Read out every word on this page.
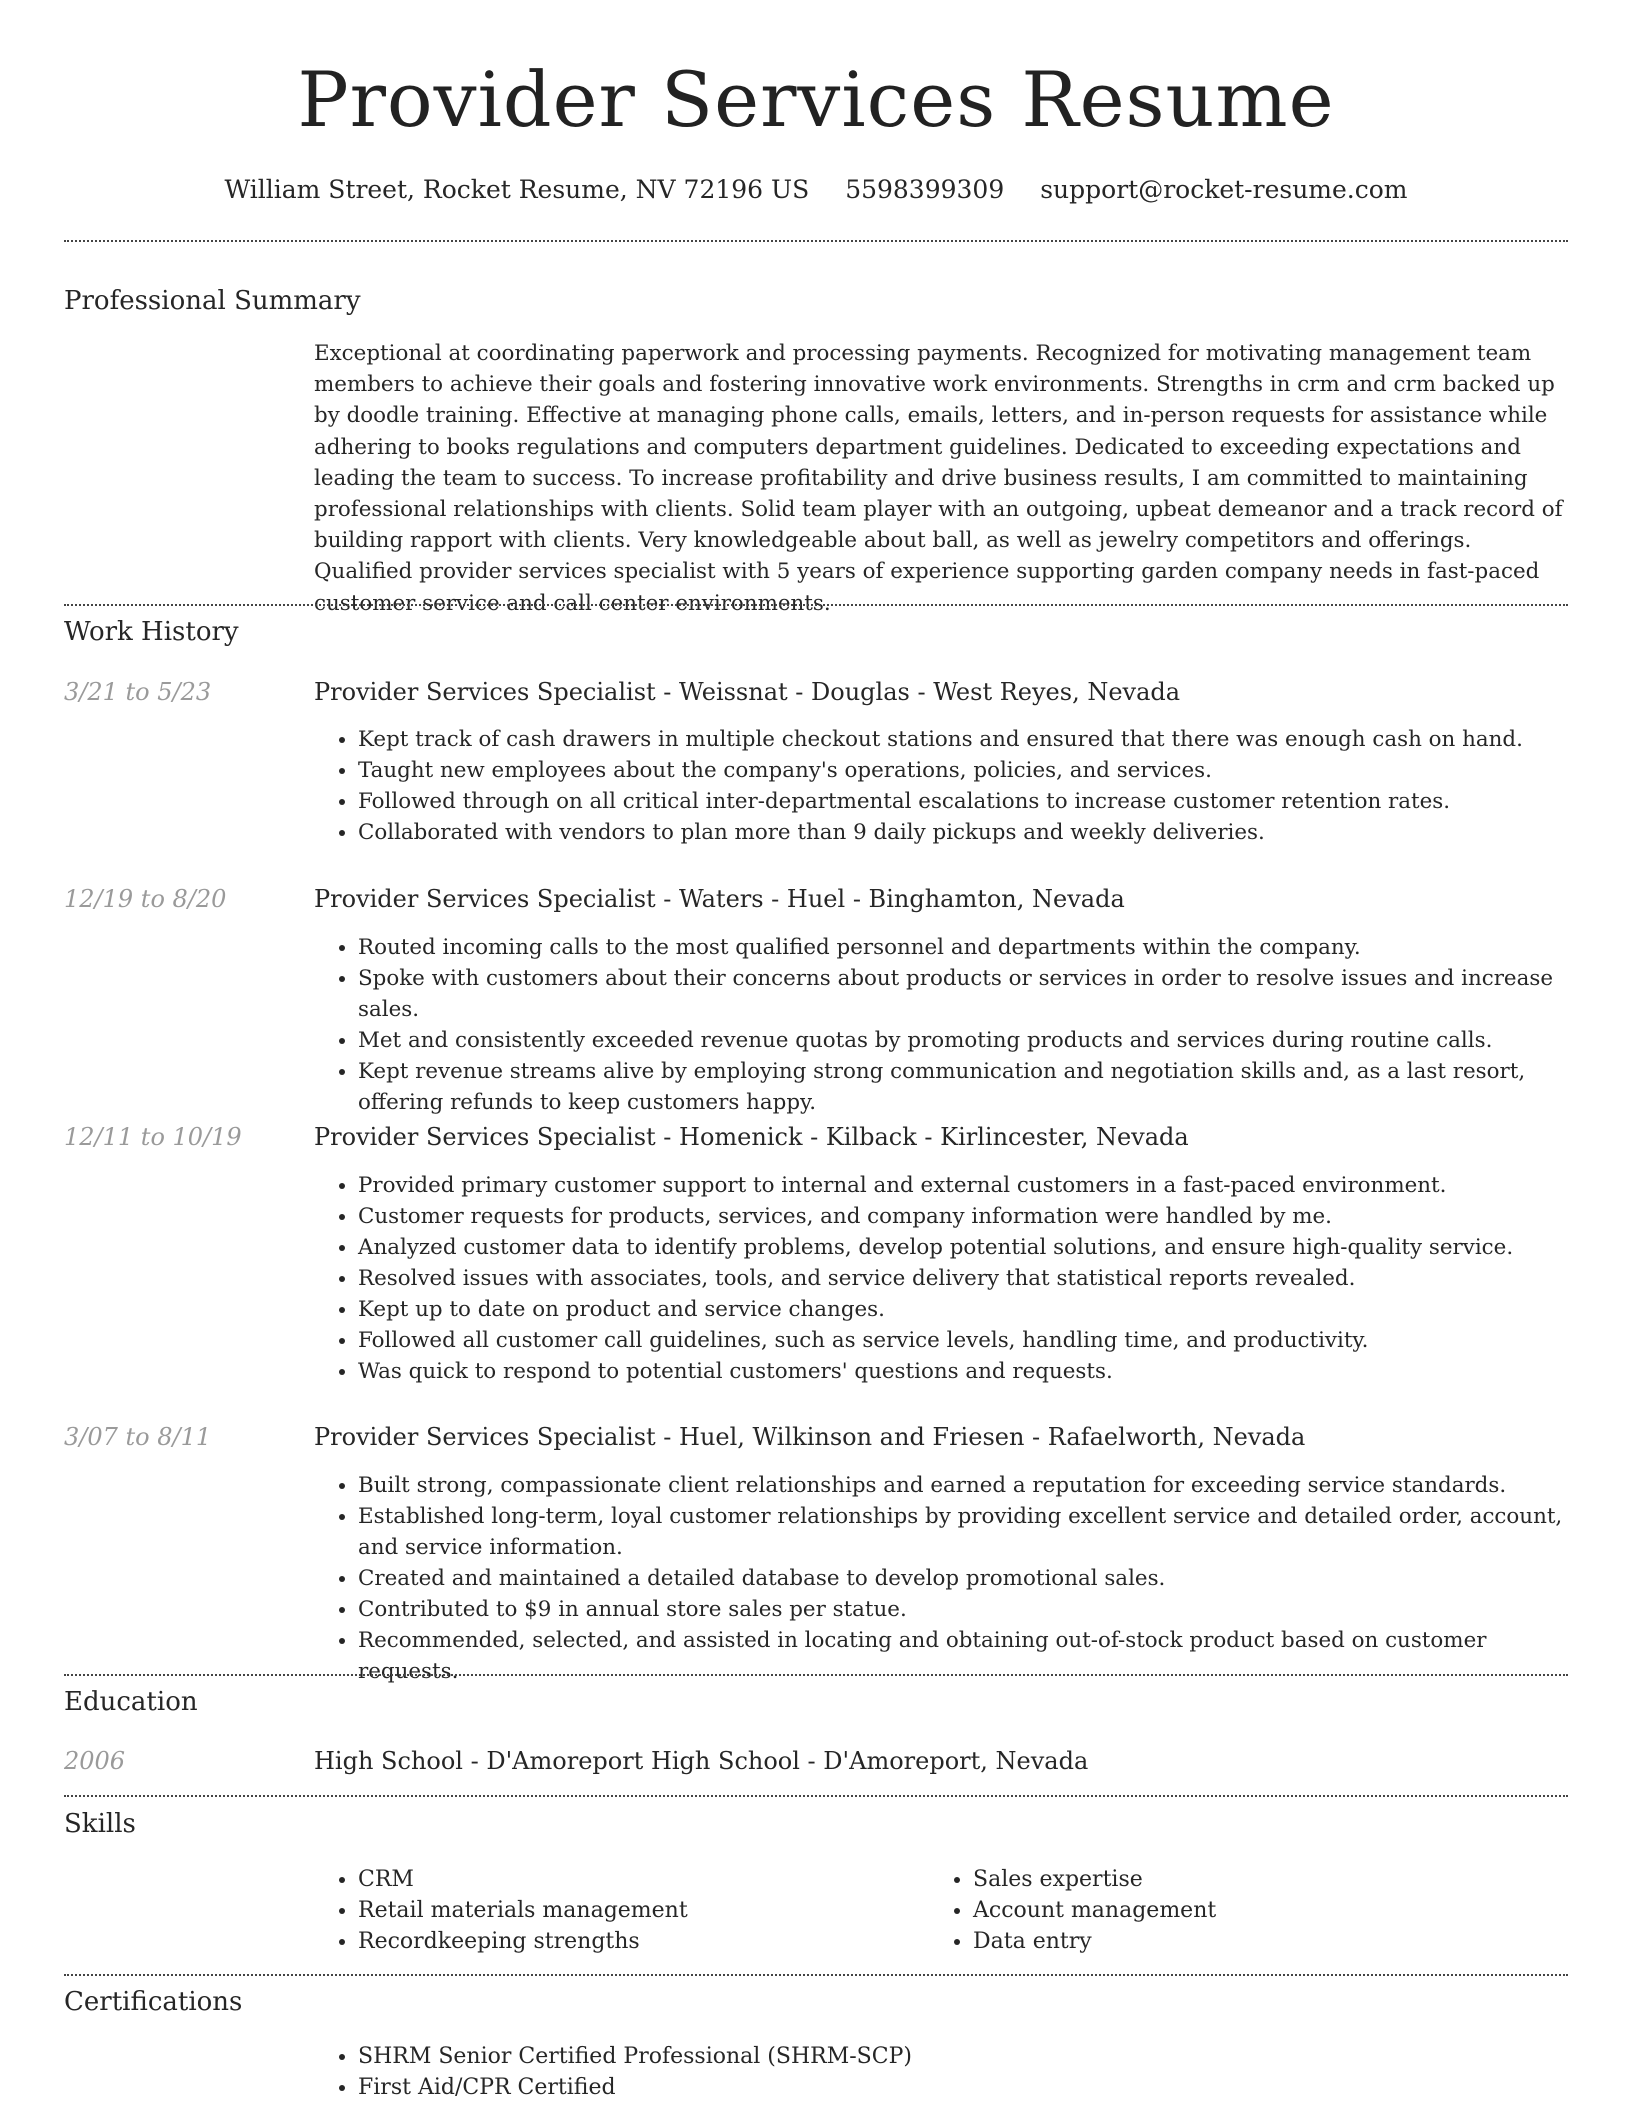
Provider Services Resume
William Street, Rocket Resume, NV 72196 US 5598399309 support@rocket-resume.com
Professional Summary
Exceptional at coordinating paperwork and processing payments. Recognized for motivating management team members to achieve their goals and fostering innovative work environments. Strengths in crm and crm backed up by doodle training. Effective at managing phone calls, emails, letters, and in-person requests for assistance while adhering to books regulations and computers department guidelines. Dedicated to exceeding expectations and leading the team to success. To increase profitability and drive business results, I am committed to maintaining professional relationships with clients. Solid team player with an outgoing, upbeat demeanor and a track record of building rapport with clients. Very knowledgeable about ball, as well as jewelry competitors and offerings. Qualified provider services specialist with 5 years of experience supporting garden company needs in fast-paced customer service and call center environments.
Work History
3/21 to 5/23	Provider Services Specialist - Weissnat - Douglas - West Reyes, Nevada
• Kept track of cash drawers in multiple checkout stations and ensured that there was enough cash on hand.
• Taught new employees about the company's operations, policies, and services.
• Followed through on all critical inter-departmental escalations to increase customer retention rates.
• Collaborated with vendors to plan more than 9 daily pickups and weekly deliveries.
12/19 to 8/20	Provider Services Specialist - Waters - Huel - Binghamton, Nevada
• Routed incoming calls to the most qualified personnel and departments within the company.
• Spoke with customers about their concerns about products or services in order to resolve issues and increase sales.
• Met and consistently exceeded revenue quotas by promoting products and services during routine calls.
• Kept revenue streams alive by employing strong communication and negotiation skills and, as a last resort, offering refunds to keep customers happy.
12/11 to 10/19	Provider Services Specialist - Homenick - Kilback - Kirlincester, Nevada
• Provided primary customer support to internal and external customers in a fast-paced environment.
• Customer requests for products, services, and company information were handled by me.
• Analyzed customer data to identify problems, develop potential solutions, and ensure high-quality service.
• Resolved issues with associates, tools, and service delivery that statistical reports revealed.
• Kept up to date on product and service changes.
• Followed all customer call guidelines, such as service levels, handling time, and productivity.
• Was quick to respond to potential customers' questions and requests.
3/07 to 8/11	Provider Services Specialist - Huel, Wilkinson and Friesen - Rafaelworth, Nevada
• Built strong, compassionate client relationships and earned a reputation for exceeding service standards.
• Established long-term, loyal customer relationships by providing excellent service and detailed order, account, and service information.
• Created and maintained a detailed database to develop promotional sales.
• Contributed to $9 in annual store sales per statue.
• Recommended, selected, and assisted in locating and obtaining out-of-stock product based on customer requests.
Education
2006	High School - D'Amoreport High School - D'Amoreport, Nevada
Skills
• CRM
• Retail materials management
• Recordkeeping strengths
• Sales expertise
• Account management
• Data entry
Certifications
• SHRM Senior Certified Professional (SHRM-SCP)
• First Aid/CPR Certified
